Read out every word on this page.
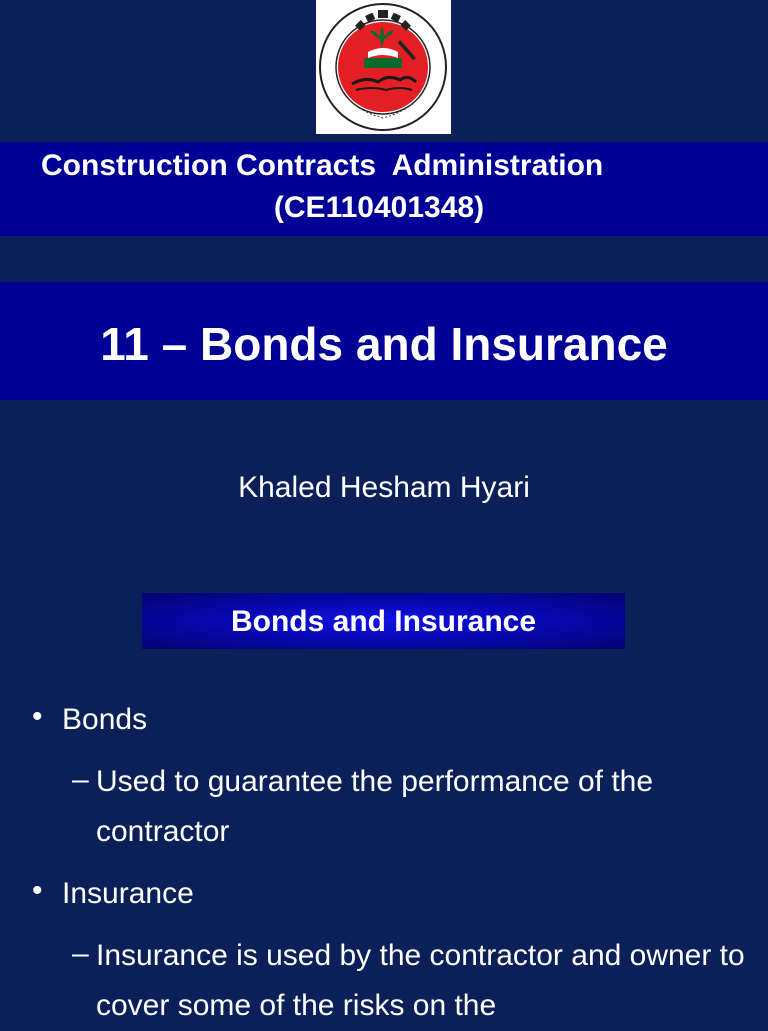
Construction Contracts  Administration
(CE110401348)
11 – Bonds and Insurance
Khaled Hesham Hyari
Bonds and Insurance
• Bonds
– Used to guarantee the performance of the contractor
• Insurance
– Insurance is used by the contractor and owner to cover some of the risks on the
